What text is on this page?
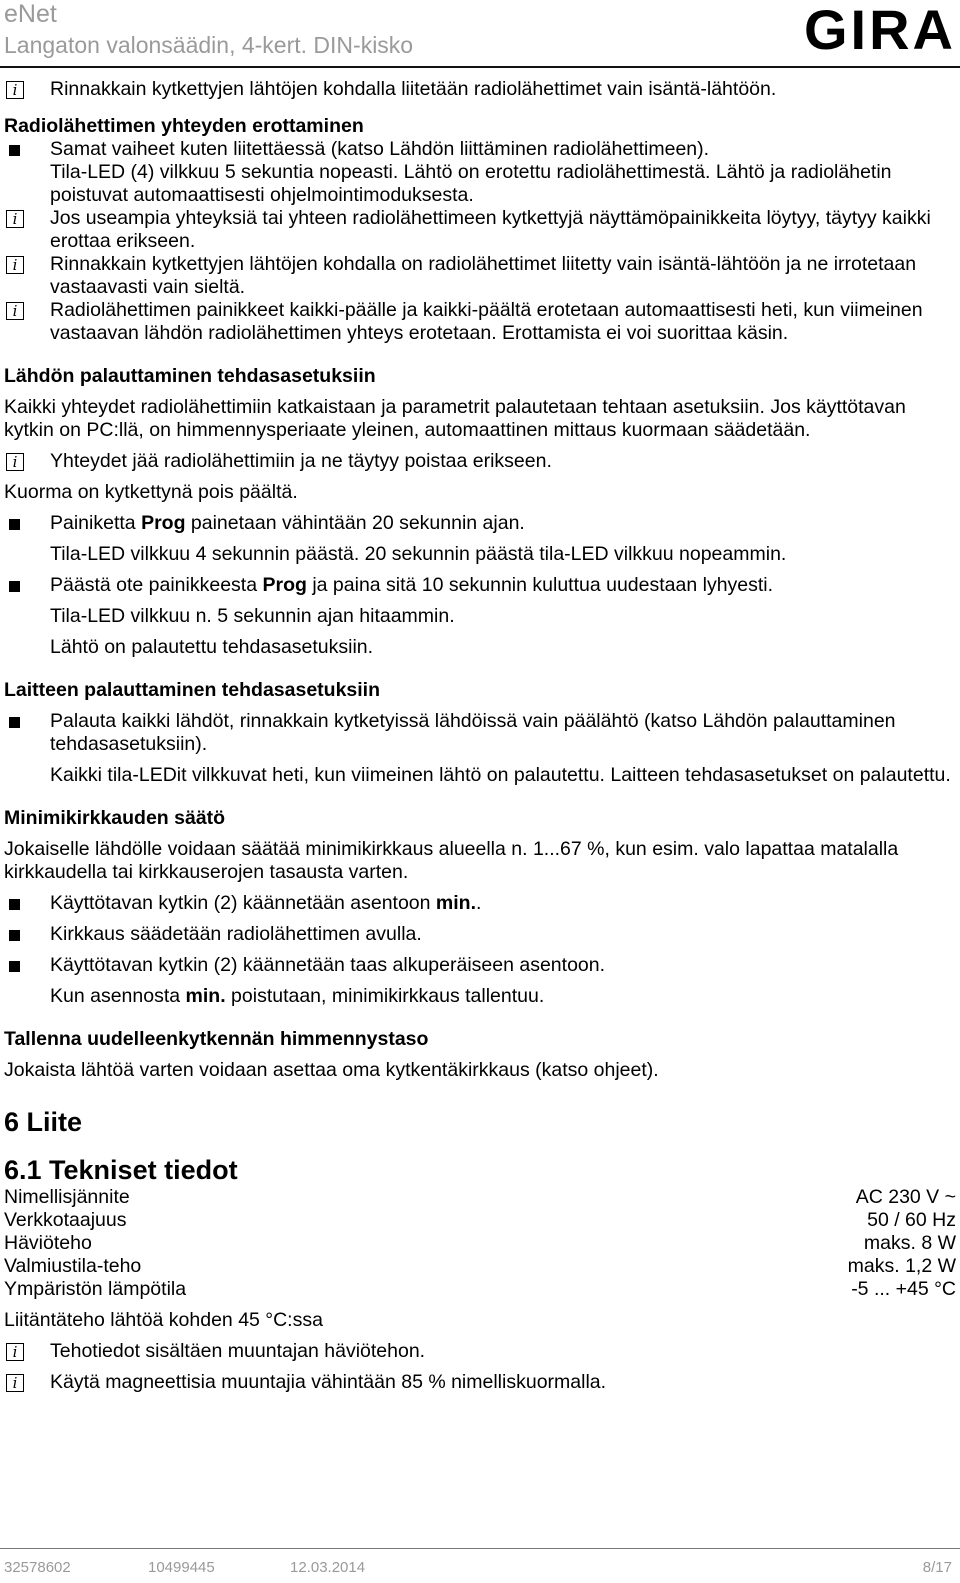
eNet
Langaton valonsäädin, 4-kert. DIN-kisko	GIRA
i	Rinnakkain kytkettyjen lähtöjen kohdalla liitetään radiolähettimet vain isäntä-lähtöön.
Radiolähettimen yhteyden erottaminen
Samat vaiheet kuten liitettäessä (katso Lähdön liittäminen radiolähettimeen).
Tila-LED (4) vilkkuu 5 sekuntia nopeasti. Lähtö on erotettu radiolähettimestä. Lähtö ja radiolähetin poistuvat automaattisesti ohjelmointimoduksesta.
i	Jos useampia yhteyksiä tai yhteen radiolähettimeen kytkettyjä näyttämöpainikkeita löytyy, täytyy kaikki erottaa erikseen.
i	Rinnakkain kytkettyjen lähtöjen kohdalla on radiolähettimet liitetty vain isäntä-lähtöön ja ne irrotetaan vastaavasti vain sieltä.
i	Radiolähettimen painikkeet kaikki-päälle ja kaikki-päältä erotetaan automaattisesti heti, kun viimeinen vastaavan lähdön radiolähettimen yhteys erotetaan. Erottamista ei voi suorittaa käsin.
Lähdön palauttaminen tehdasasetuksiin
Kaikki yhteydet radiolähettimiin katkaistaan ja parametrit palautetaan tehtaan asetuksiin. Jos käyttötavan kytkin on PC:llä, on himmennysperiaate yleinen, automaattinen mittaus kuormaan säädetään.
i	Yhteydet jää radiolähettimiin ja ne täytyy poistaa erikseen.
Kuorma on kytkettynä pois päältä.
Painiketta Prog painetaan vähintään 20 sekunnin ajan.
Tila-LED vilkkuu 4 sekunnin päästä. 20 sekunnin päästä tila-LED vilkkuu nopeammin.
Päästä ote painikkeesta Prog ja paina sitä 10 sekunnin kuluttua uudestaan lyhyesti.
Tila-LED vilkkuu n. 5 sekunnin ajan hitaammin.
Lähtö on palautettu tehdasasetuksiin.
Laitteen palauttaminen tehdasasetuksiin
Palauta kaikki lähdöt, rinnakkain kytketyissä lähdöissä vain päälähtö (katso Lähdön palauttaminen tehdasasetuksiin).
Kaikki tila-LEDit vilkkuvat heti, kun viimeinen lähtö on palautettu. Laitteen tehdasasetukset on palautettu.
Minimikirkkauden säätö
Jokaiselle lähdölle voidaan säätää minimikirkkaus alueella n. 1...67 %, kun esim. valo lapattaa matalalla kirkkaudella tai kirkkauserojen tasausta varten.
Käyttötavan kytkin (2) käännetään asentoon min..
Kirkkaus säädetään radiolähettimen avulla.
Käyttötavan kytkin (2) käännetään taas alkuperäiseen asentoon.
Kun asennosta min. poistutaan, minimikirkkaus tallentuu.
Tallenna uudelleenkytkennän himmennystaso
Jokaista lähtöä varten voidaan asettaa oma kytkentäkirkkaus (katso ohjeet).
6 Liite
6.1 Tekniset tiedot
Nimellisjännite	AC 230 V ~
Verkkotaajuus	50 / 60 Hz
Häviöteho	maks. 8 W
Valmiustila-teho	maks. 1,2 W
Ympäristön lämpötila	-5 ... +45 °C
Liitäntäteho lähtöä kohden 45 °C:ssa
i	Tehotiedot sisältäen muuntajan häviötehon.
i	Käytä magneettisia muuntajia vähintään 85 % nimelliskuormalla.
32578602	10499445	12.03.2014	8/17
